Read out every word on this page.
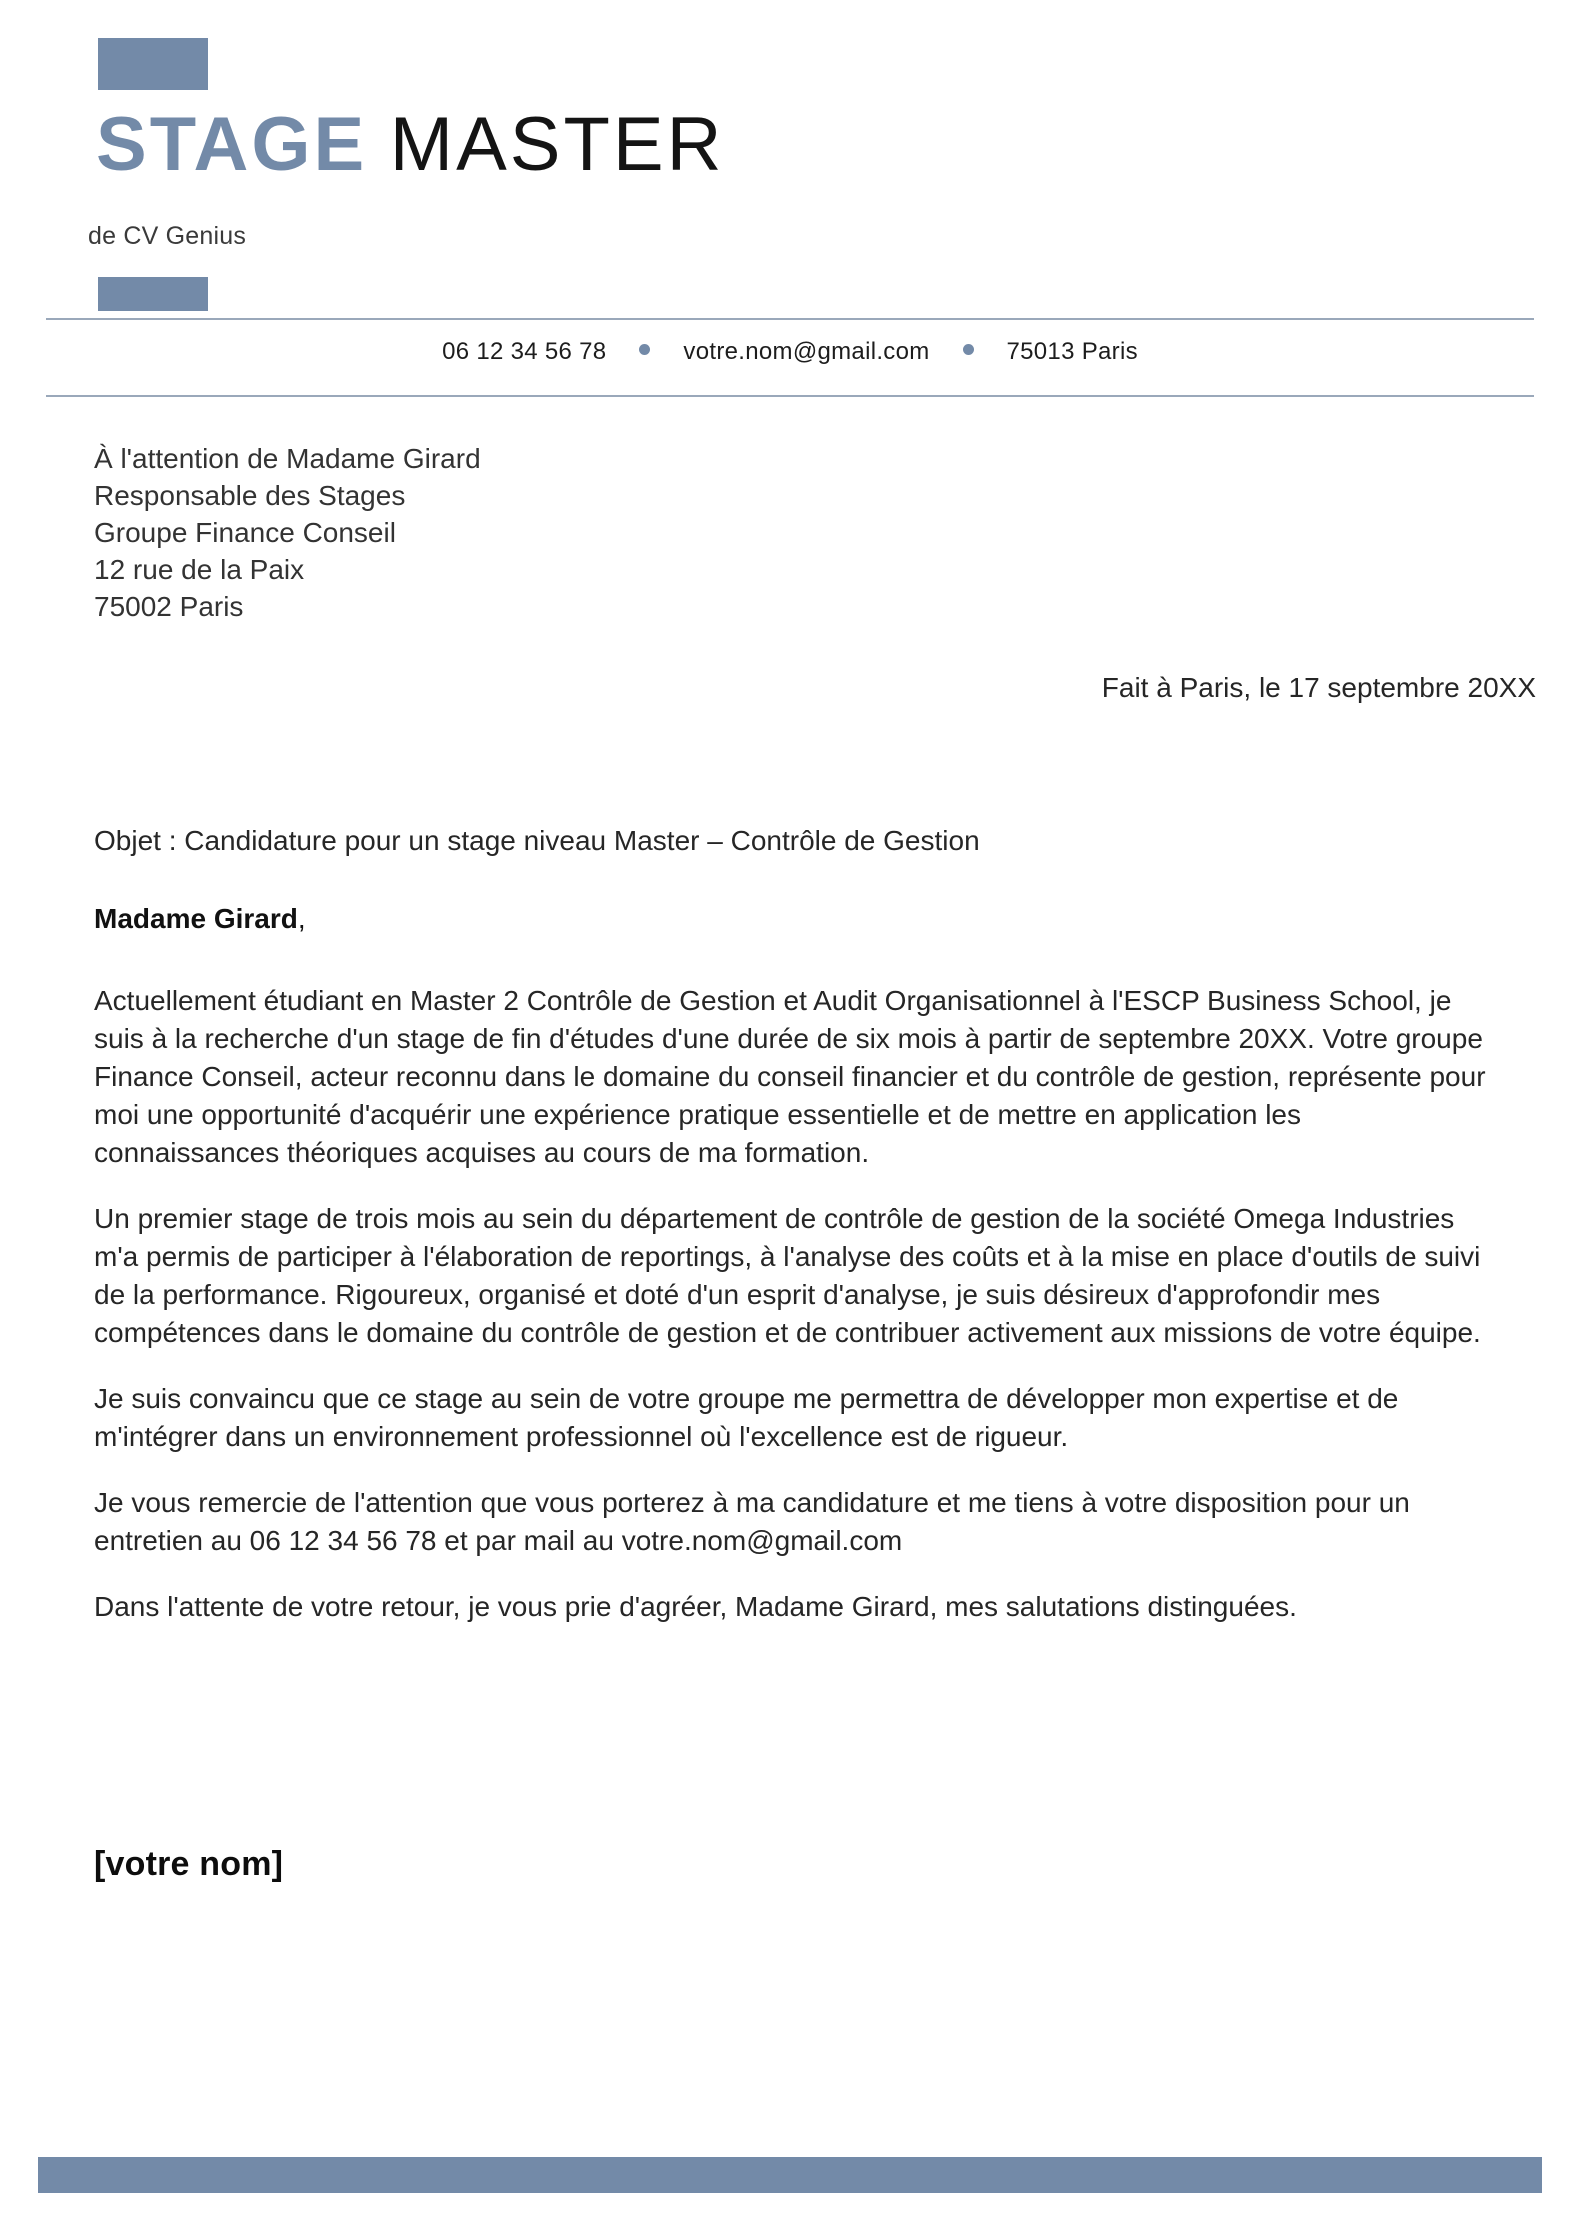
STAGE MASTER
de CV Genius
06 12 34 56 78	votre.nom@gmail.com	75013 Paris
À l'attention de Madame Girard
Responsable des Stages
Groupe Finance Conseil
12 rue de la Paix
75002 Paris
Fait à Paris, le 17 septembre 20XX
Objet : Candidature pour un stage niveau Master – Contrôle de Gestion
Madame Girard,

Actuellement étudiant en Master 2 Contrôle de Gestion et Audit Organisationnel à l'ESCP Business School, je suis à la recherche d'un stage de fin d'études d'une durée de six mois à partir de septembre 20XX. Votre groupe Finance Conseil, acteur reconnu dans le domaine du conseil financier et du contrôle de gestion, représente pour moi une opportunité d'acquérir une expérience pratique essentielle et de mettre en application les connaissances théoriques acquises au cours de ma formation.

Un premier stage de trois mois au sein du département de contrôle de gestion de la société Omega Industries m'a permis de participer à l'élaboration de reportings, à l'analyse des coûts et à la mise en place d'outils de suivi de la performance. Rigoureux, organisé et doté d'un esprit d'analyse, je suis désireux d'approfondir mes compétences dans le domaine du contrôle de gestion et de contribuer activement aux missions de votre équipe.

Je suis convaincu que ce stage au sein de votre groupe me permettra de développer mon expertise et de m'intégrer dans un environnement professionnel où l'excellence est de rigueur.

Je vous remercie de l'attention que vous porterez à ma candidature et me tiens à votre disposition pour un entretien au 06 12 34 56 78 et par mail au votre.nom@gmail.com

Dans l'attente de votre retour, je vous prie d'agréer, Madame Girard, mes salutations distinguées.

[votre nom]
